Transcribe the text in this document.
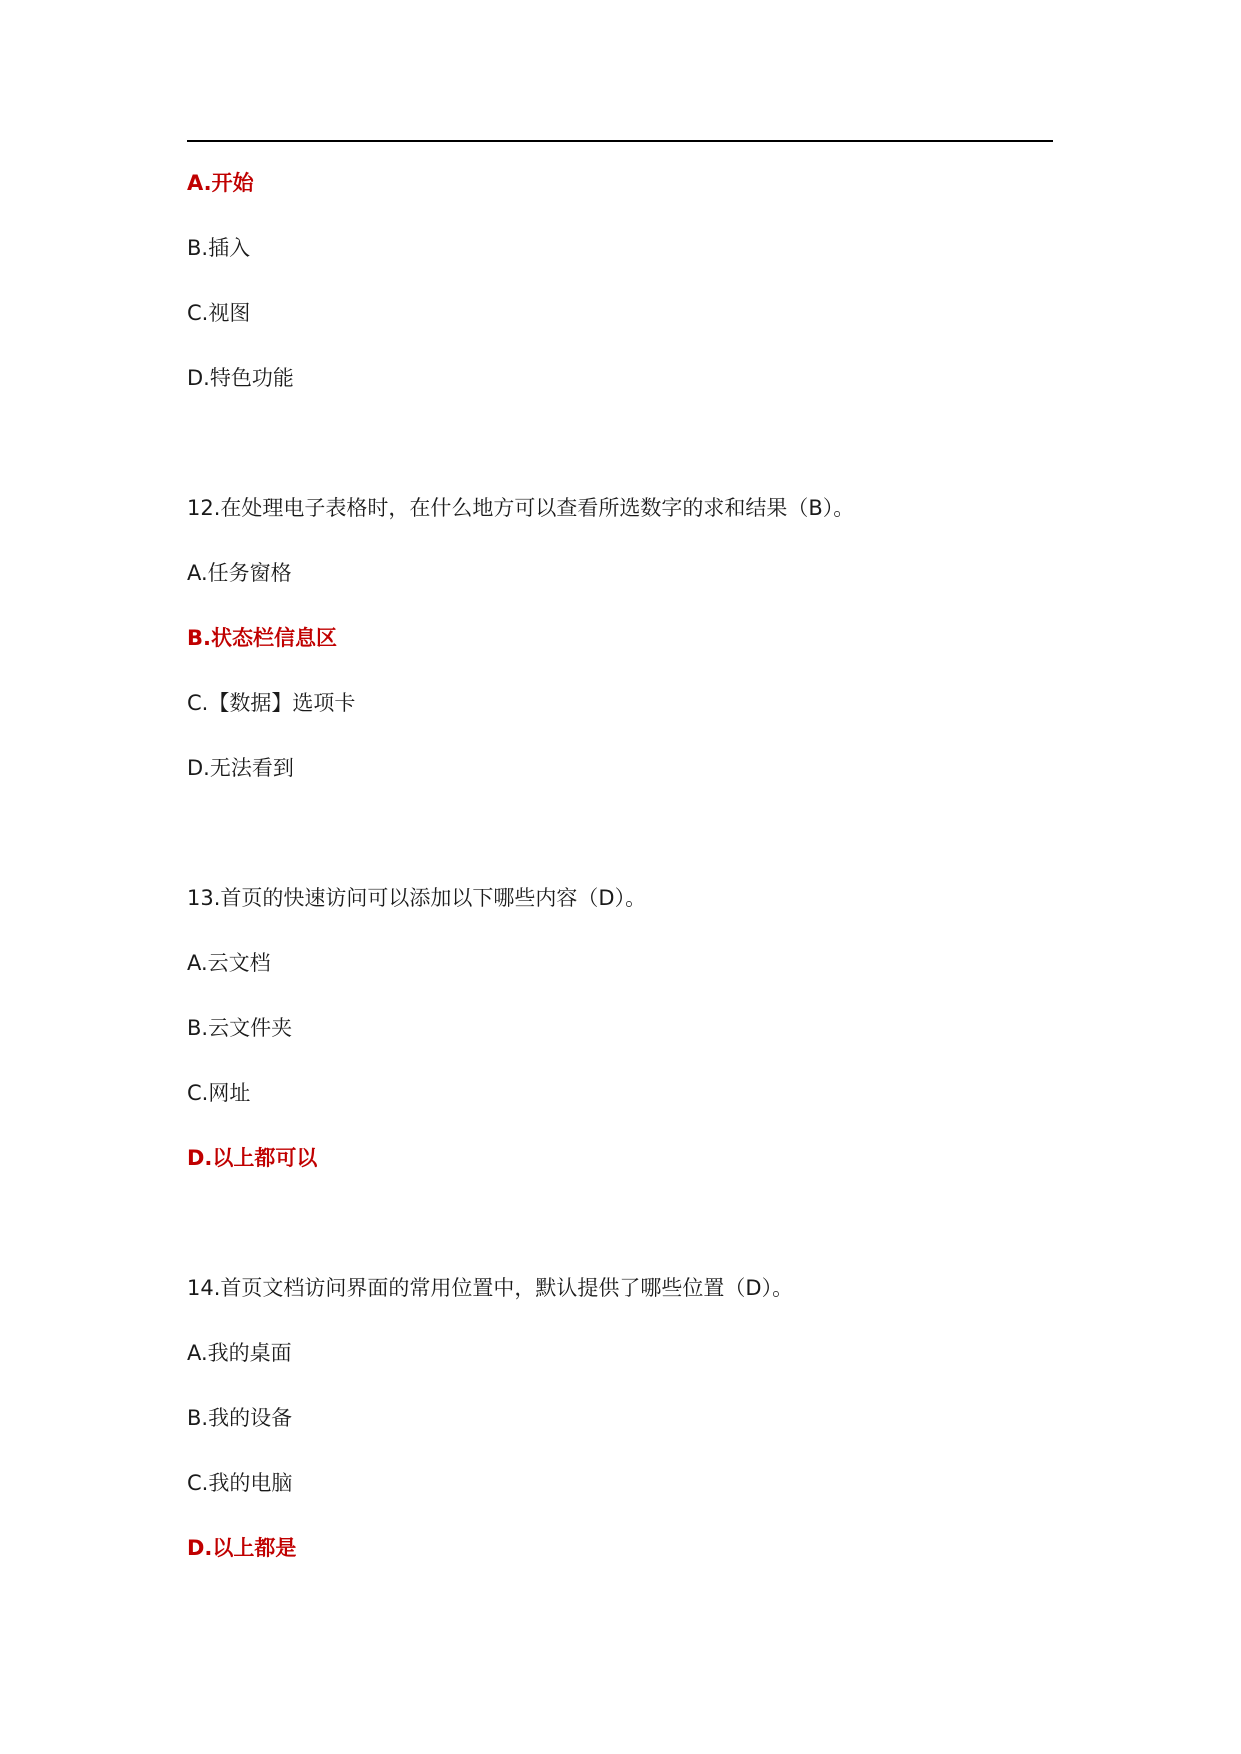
A.开始

B.插入

C.视图

D.特色功能

12.在处理电子表格时，在什么地方可以查看所选数字的求和结果（B）。

A.任务窗格

B.状态栏信息区

C.【数据】选项卡

D.无法看到

13.首页的快速访问可以添加以下哪些内容（D）。

A.云文档

B.云文件夹

C.网址

D.以上都可以

14.首页文档访问界面的常用位置中，默认提供了哪些位置（D）。

A.我的桌面

B.我的设备

C.我的电脑

D.以上都是
